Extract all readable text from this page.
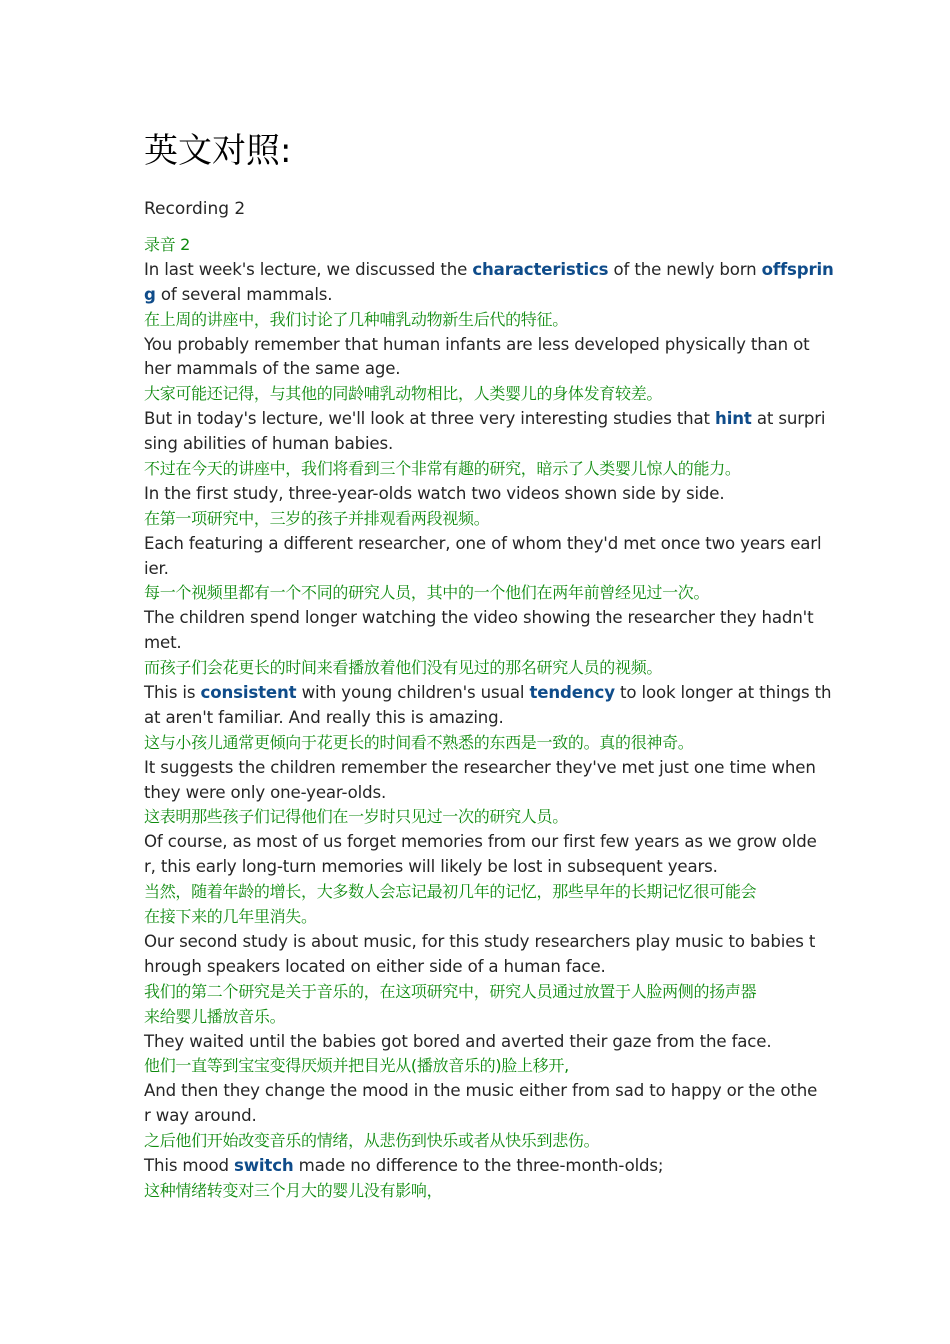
英文对照:
Recording 2
录音 2
In last week's lecture, we discussed the characteristics of the newly born offsprin
g of several mammals.
在上周的讲座中，我们讨论了几种哺乳动物新生后代的特征。
You probably remember that human infants are less developed physically than ot
her mammals of the same age.
大家可能还记得，与其他的同龄哺乳动物相比，人类婴儿的身体发育较差。
But in today's lecture, we'll look at three very interesting studies that hint at surpri
sing abilities of human babies.
不过在今天的讲座中，我们将看到三个非常有趣的研究，暗示了人类婴儿惊人的能力。
In the first study, three-year-olds watch two videos shown side by side.
在第一项研究中，三岁的孩子并排观看两段视频。
Each featuring a different researcher, one of whom they'd met once two years earl
ier.
每一个视频里都有一个不同的研究人员，其中的一个他们在两年前曾经见过一次。
The children spend longer watching the video showing the researcher they hadn't
met.
而孩子们会花更长的时间来看播放着他们没有见过的那名研究人员的视频。
This is consistent with young children's usual tendency to look longer at things th
at aren't familiar. And really this is amazing.
这与小孩儿通常更倾向于花更长的时间看不熟悉的东西是一致的。真的很神奇。
It suggests the children remember the researcher they've met just one time when
they were only one-year-olds.
这表明那些孩子们记得他们在一岁时只见过一次的研究人员。
Of course, as most of us forget memories from our first few years as we grow olde
r, this early long-turn memories will likely be lost in subsequent years.
当然，随着年龄的增长，大多数人会忘记最初几年的记忆，那些早年的长期记忆很可能会
在接下来的几年里消失。
Our second study is about music, for this study researchers play music to babies t
hrough speakers located on either side of a human face.
我们的第二个研究是关于音乐的，在这项研究中，研究人员通过放置于人脸两侧的扬声器
来给婴儿播放音乐。
They waited until the babies got bored and averted their gaze from the face.
他们一直等到宝宝变得厌烦并把目光从(播放音乐的)脸上移开,
And then they change the mood in the music either from sad to happy or the othe
r way around.
之后他们开始改变音乐的情绪，从悲伤到快乐或者从快乐到悲伤。
This mood switch made no difference to the three-month-olds;
这种情绪转变对三个月大的婴儿没有影响，
